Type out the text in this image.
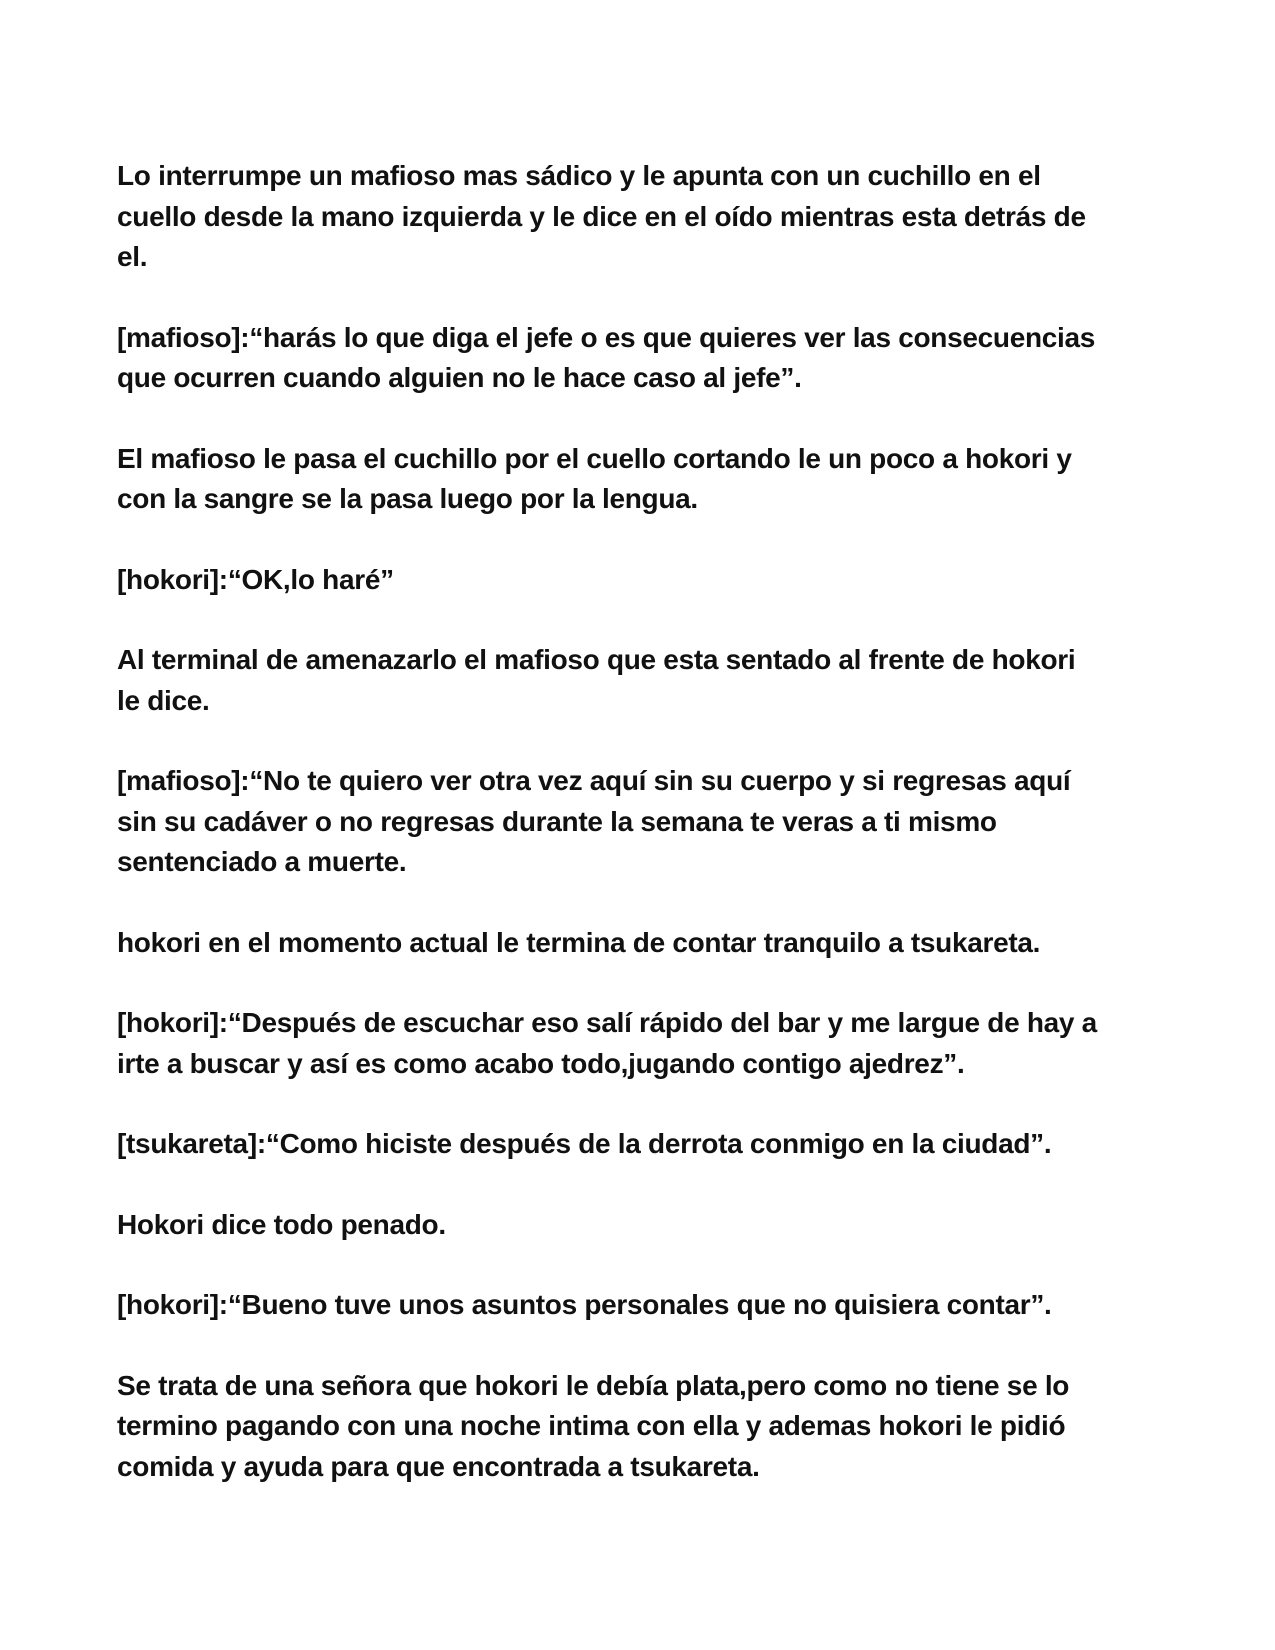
Lo interrumpe un mafioso mas sádico y le apunta con un cuchillo en el
cuello desde la mano izquierda y le dice en el oído mientras esta detrás de
el.

[mafioso]:“harás lo que diga el jefe o es que quieres ver las consecuencias
que ocurren cuando alguien no le hace caso al jefe”.

El mafioso le pasa el cuchillo por el cuello cortando le un poco a hokori y
con la sangre se la pasa luego por la lengua.

[hokori]:“OK,lo haré”

Al terminal de amenazarlo el mafioso que esta sentado al frente de hokori
le dice.

[mafioso]:“No te quiero ver otra vez aquí sin su cuerpo y si regresas aquí
sin su cadáver o no regresas durante la semana te veras a ti mismo
sentenciado a muerte.

hokori en el momento actual le termina de contar tranquilo a tsukareta.

[hokori]:“Después de escuchar eso salí rápido del bar y me largue de hay a
irte a buscar y así es como acabo todo,jugando contigo ajedrez”.

[tsukareta]:“Como hiciste después de la derrota conmigo en la ciudad”.

Hokori dice todo penado.

[hokori]:“Bueno tuve unos asuntos personales que no quisiera contar”.

Se trata de una señora que hokori le debía plata,pero como no tiene se lo
termino pagando con una noche intima con ella y ademas hokori le pidió
comida y ayuda para que encontrada a tsukareta.
